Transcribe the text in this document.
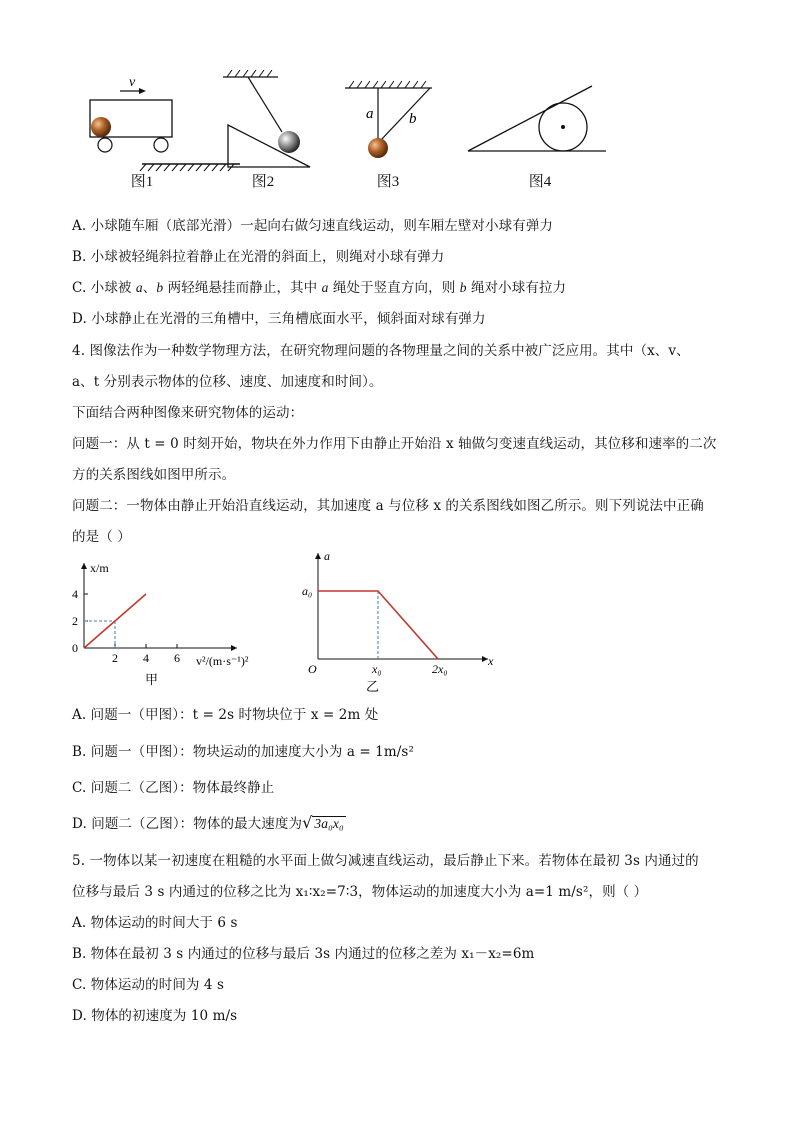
v
a b
图1	图2	图3	图4
A. 小球随车厢（底部光滑）一起向右做匀速直线运动，则车厢左壁对小球有弹力
B. 小球被轻绳斜拉着静止在光滑的斜面上，则绳对小球有弹力
C. 小球被 a、b 两轻绳悬挂而静止，其中 a 绳处于竖直方向，则 b 绳对小球有拉力
D. 小球静止在光滑的三角槽中，三角槽底面水平，倾斜面对球有弹力
4. 图像法作为一种数学物理方法，在研究物理问题的各物理量之间的关系中被广泛应用。其中（x、v、
a、t 分别表示物体的位移、速度、加速度和时间）。
下面结合两种图像来研究物体的运动：
问题一：从 t = 0 时刻开始，物块在外力作用下由静止开始沿 x 轴做匀变速直线运动，其位移和速率的二次
方的关系图线如图甲所示。
问题二：一物体由静止开始沿直线运动，其加速度 a 与位移 x 的关系图线如图乙所示。则下列说法中正确
的是（ ）
2 4 6
0
2
4
x/m
v²/(m·s⁻¹)²
甲
a₀
x₀	2x₀
a
x
O
乙
A. 问题一（甲图）：t = 2s 时物块位于 x = 2m 处
B. 问题一（甲图）：物块运动的加速度大小为 a = 1m/s²
C. 问题二（乙图）：物体最终静止
D. 问题二（乙图）：物体的最大速度为√ 3a₀x₀
5. 一物体以某一初速度在粗糙的水平面上做匀减速直线运动，最后静止下来。若物体在最初 3s 内通过的
位移与最后 3 s 内通过的位移之比为 x₁∶x₂=7∶3，物体运动的加速度大小为 a=1 m/s²，则（ ）
A. 物体运动的时间大于 6 s
B. 物体在最初 3 s 内通过的位移与最后 3s 内通过的位移之差为 x₁－x₂=6m
C. 物体运动的时间为 4 s
D. 物体的初速度为 10 m/s
